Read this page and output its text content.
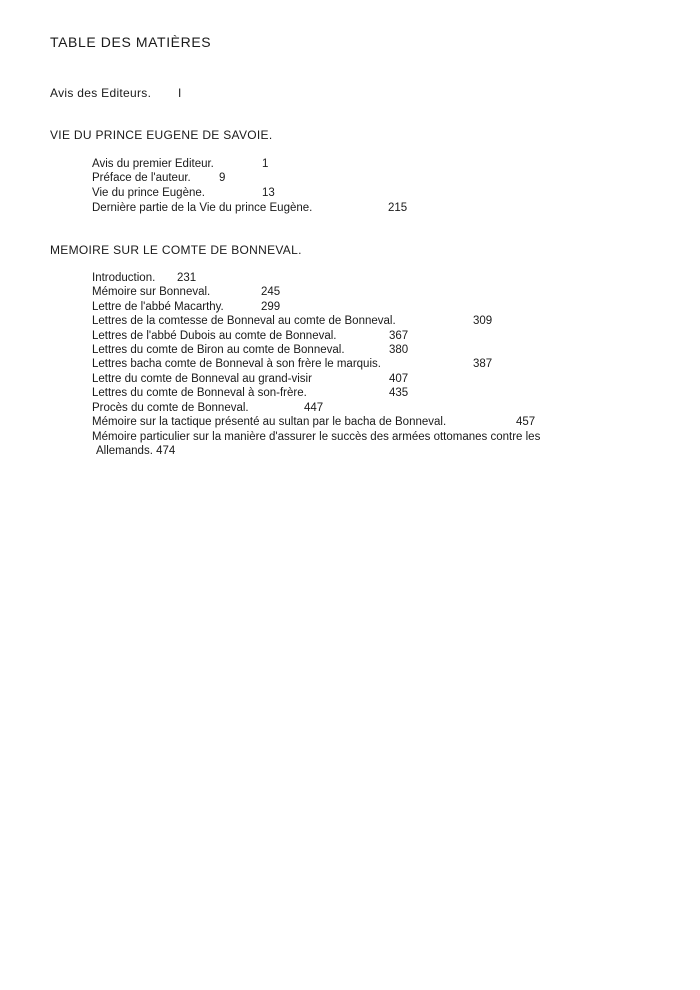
TABLE DES MATIÈRES
Avis des Editeurs. I
VIE DU PRINCE EUGENE DE SAVOIE.
Avis du premier Editeur.	1
Préface de l'auteur. 9
Vie du prince Eugène.	13
Dernière partie de la Vie du prince Eugène.	215
MEMOIRE SUR LE COMTE DE BONNEVAL.
Introduction. 231
Mémoire sur Bonneval.	245
Lettre de l'abbé Macarthy.	299
Lettres de la comtesse de Bonneval au comte de Bonneval.	309
Lettres de l'abbé Dubois au comte de Bonneval.	367
Lettres du comte de Biron au comte de Bonneval.	380
Lettres bacha comte de Bonneval à son frère le marquis.	387
Lettre du comte de Bonneval au grand-visir	407
Lettres du comte de Bonneval à son-frère.	435
Procès du comte de Bonneval.	447
Mémoire sur la tactique présenté au sultan par le bacha de Bonneval.	457
Mémoire particulier sur la manière d'assurer le succès des armées ottomanes contre les
Allemands. 474
